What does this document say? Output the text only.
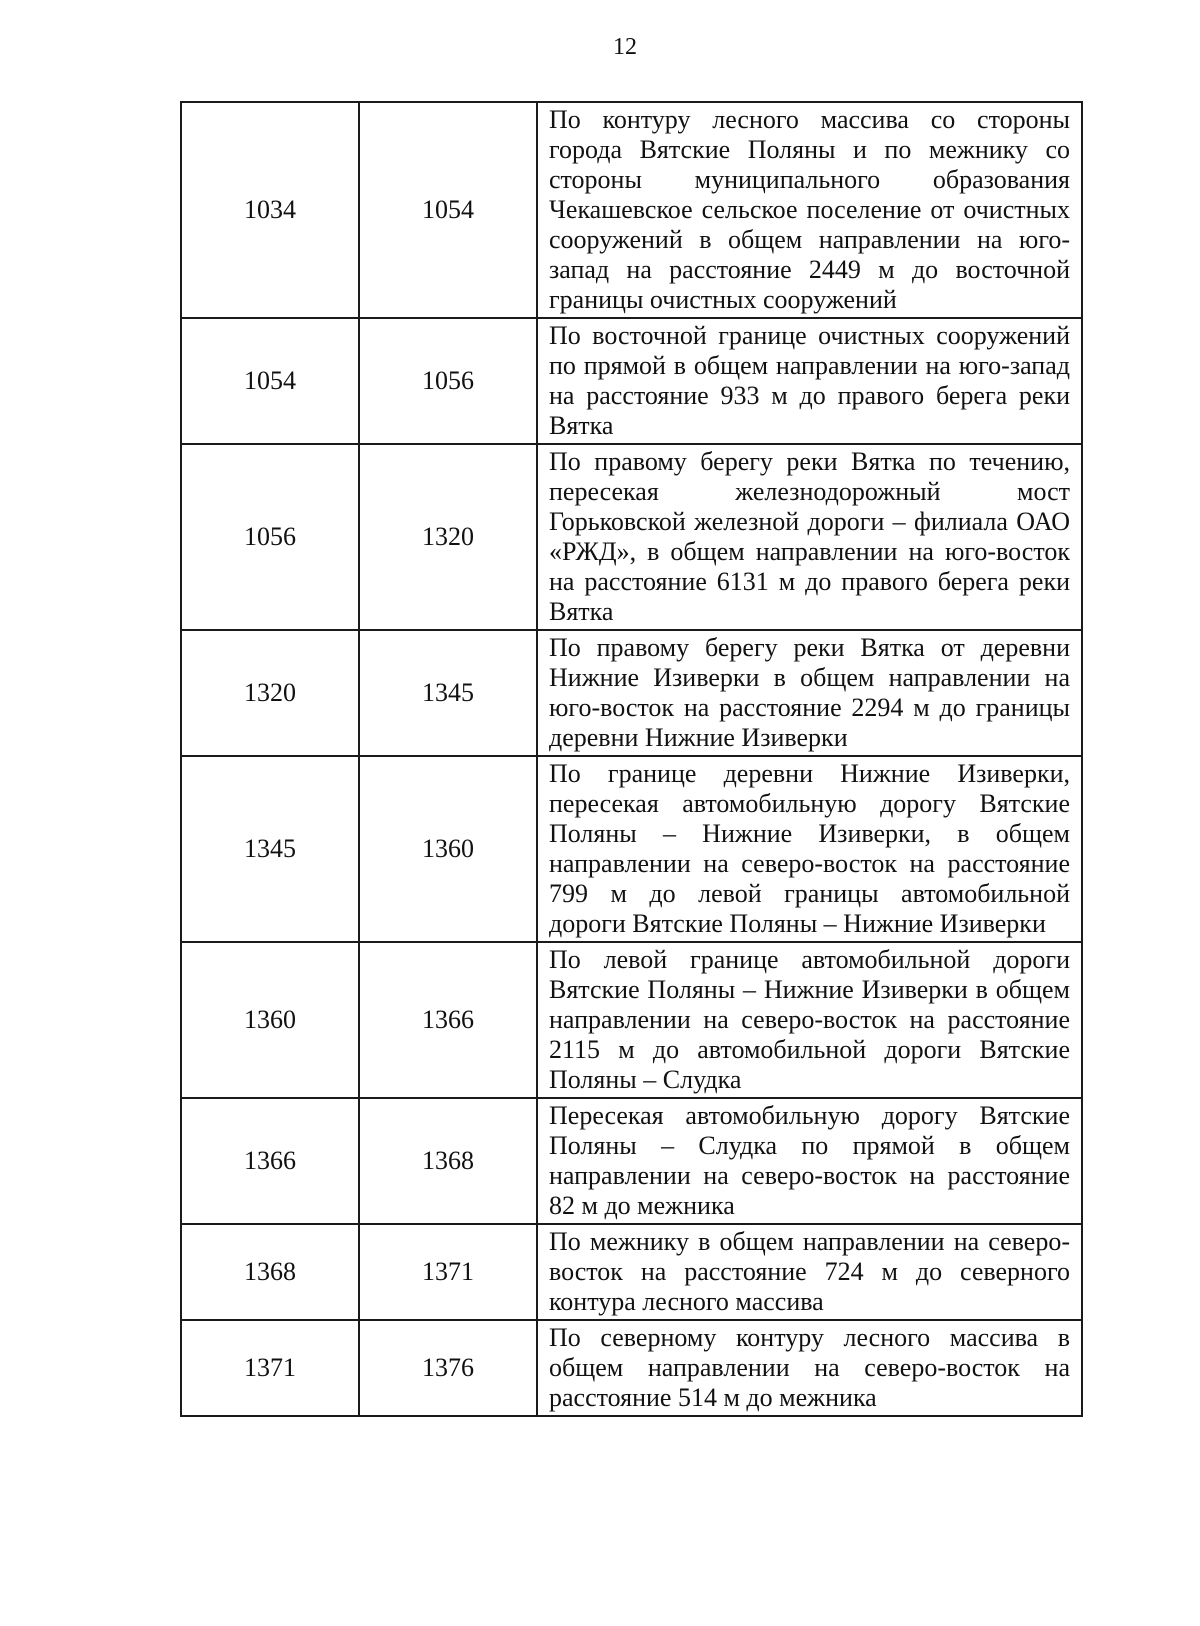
12
1034	1054	По контуру лесного массива со стороны города Вятские Поляны и по межнику со стороны муниципального образования Чекашевское сельское поселение от очистных сооружений в общем направлении на юго-запад на расстояние 2449 м до восточной границы очистных сооружений
1054	1056	По восточной границе очистных сооружений по прямой в общем направлении на юго-запад на расстояние 933 м до правого берега реки Вятка
1056	1320	По правому берегу реки Вятка по течению, пересекая железнодорожный мост Горьковской железной дороги – филиала ОАО «РЖД», в общем направлении на юго-восток на расстояние 6131 м до правого берега реки Вятка
1320	1345	По правому берегу реки Вятка от деревни Нижние Изиверки в общем направлении на юго-восток на расстояние 2294 м до границы деревни Нижние Изиверки
1345	1360	По границе деревни Нижние Изиверки, пересекая автомобильную дорогу Вятские Поляны – Нижние Изиверки, в общем направлении на северо-восток на расстояние 799 м до левой границы автомобильной дороги Вятские Поляны – Нижние Изиверки
1360	1366	По левой границе автомобильной дороги Вятские Поляны – Нижние Изиверки в общем направлении на северо-восток на расстояние 2115 м до автомобильной дороги Вятские Поляны – Слудка
1366	1368	Пересекая автомобильную дорогу Вятские Поляны – Слудка по прямой в общем направлении на северо-восток на расстояние 82 м до межника
1368	1371	По межнику в общем направлении на северо-восток на расстояние 724 м до северного контура лесного массива
1371	1376	По северному контуру лесного массива в общем направлении на северо-восток на расстояние 514 м до межника
